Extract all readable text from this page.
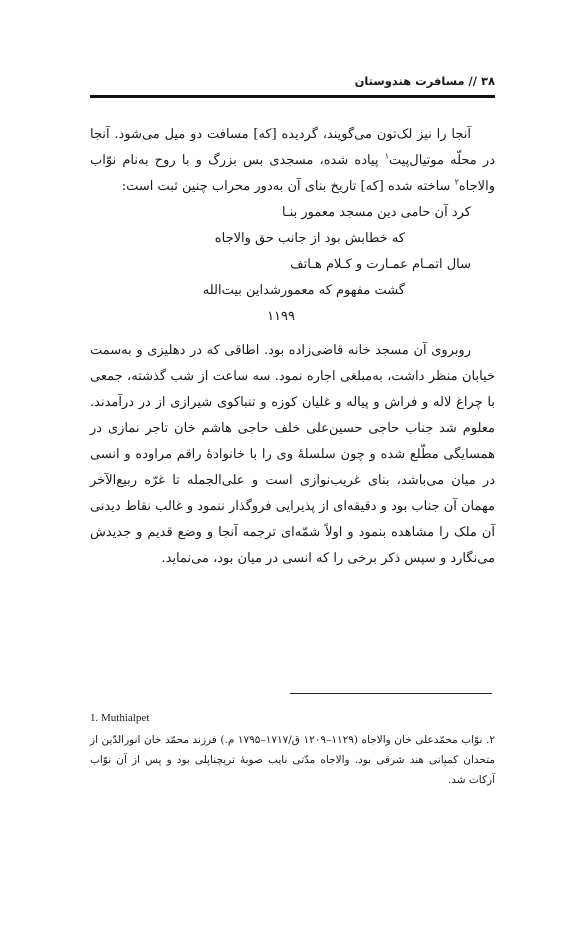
۳۸ // مسافرت هندوستان

آنجا را نیز لک‌تون می‌گویند، گردیده [که] مسافت دو میل می‌شود. آنجا در محلّه موتیال‌پیت$^۱$ پیاده شده، مسجدی بس بزرگ و با روح به‌نام نوّاب والاجاه$^۲$ ساخته شده [که] تاریخ بنای آن به‌دور محراب چنین ثبت است:

کرد آن حامی دین مسجد معمور بنـا
که خطابش بود از جانب حق والاجاه
سال اتمـام عمـارت و کـلام هـاتف
گشت مفهوم که معمورشداین بیت‌الله
۱۱۹۹

روبروی آن مسجد خانه قاضی‌زاده بود. اطاقی که در دهلیزی و به‌سمت خیابان منظر داشت، به‌مبلغی اجاره نمود. سه ساعت از شب گذشته، جمعی با چراغ لاله و فراش و پیاله و غلیان کوزه و تنباکوی شیرازی از در درآمدند. معلوم شد جناب حاجی حسین‌علی خلف حاجی هاشم خان تاجر نمازی در همسایگی مطّلع شده و چون سلسلهٔ وی را با خانوادهٔ راقم مراوده و انسی در میان می‌باشد، بنای غریب‌نوازی است و علی‌الجمله تا غرّه ربیع‌الآخر مهمان آن جناب بود و دقیقه‌ای از پذیرایی فروگذار ننمود و غالب نقاط دیدنی آن ملک را مشاهده بنمود و اولاً شمّه‌ای ترجمه آنجا و وضع قدیم و جدیدش می‌نگارد و سپس ذکر برخی را که انسی در میان بود، می‌نماید.

1. Muthialpet
۲. نوّاب محمّدعلی خان والاجاه (۱۱۲۹–۱۲۰۹ ق/۱۷۱۷–۱۷۹۵ م.) فرزند محمّد خان انورالدّین از متحدان کمپانی هند شرقی بود. والاجاه مدّتی نایب صوبهٔ تریچناپلی بود و پس از آن نوّاب آرکات شد.
